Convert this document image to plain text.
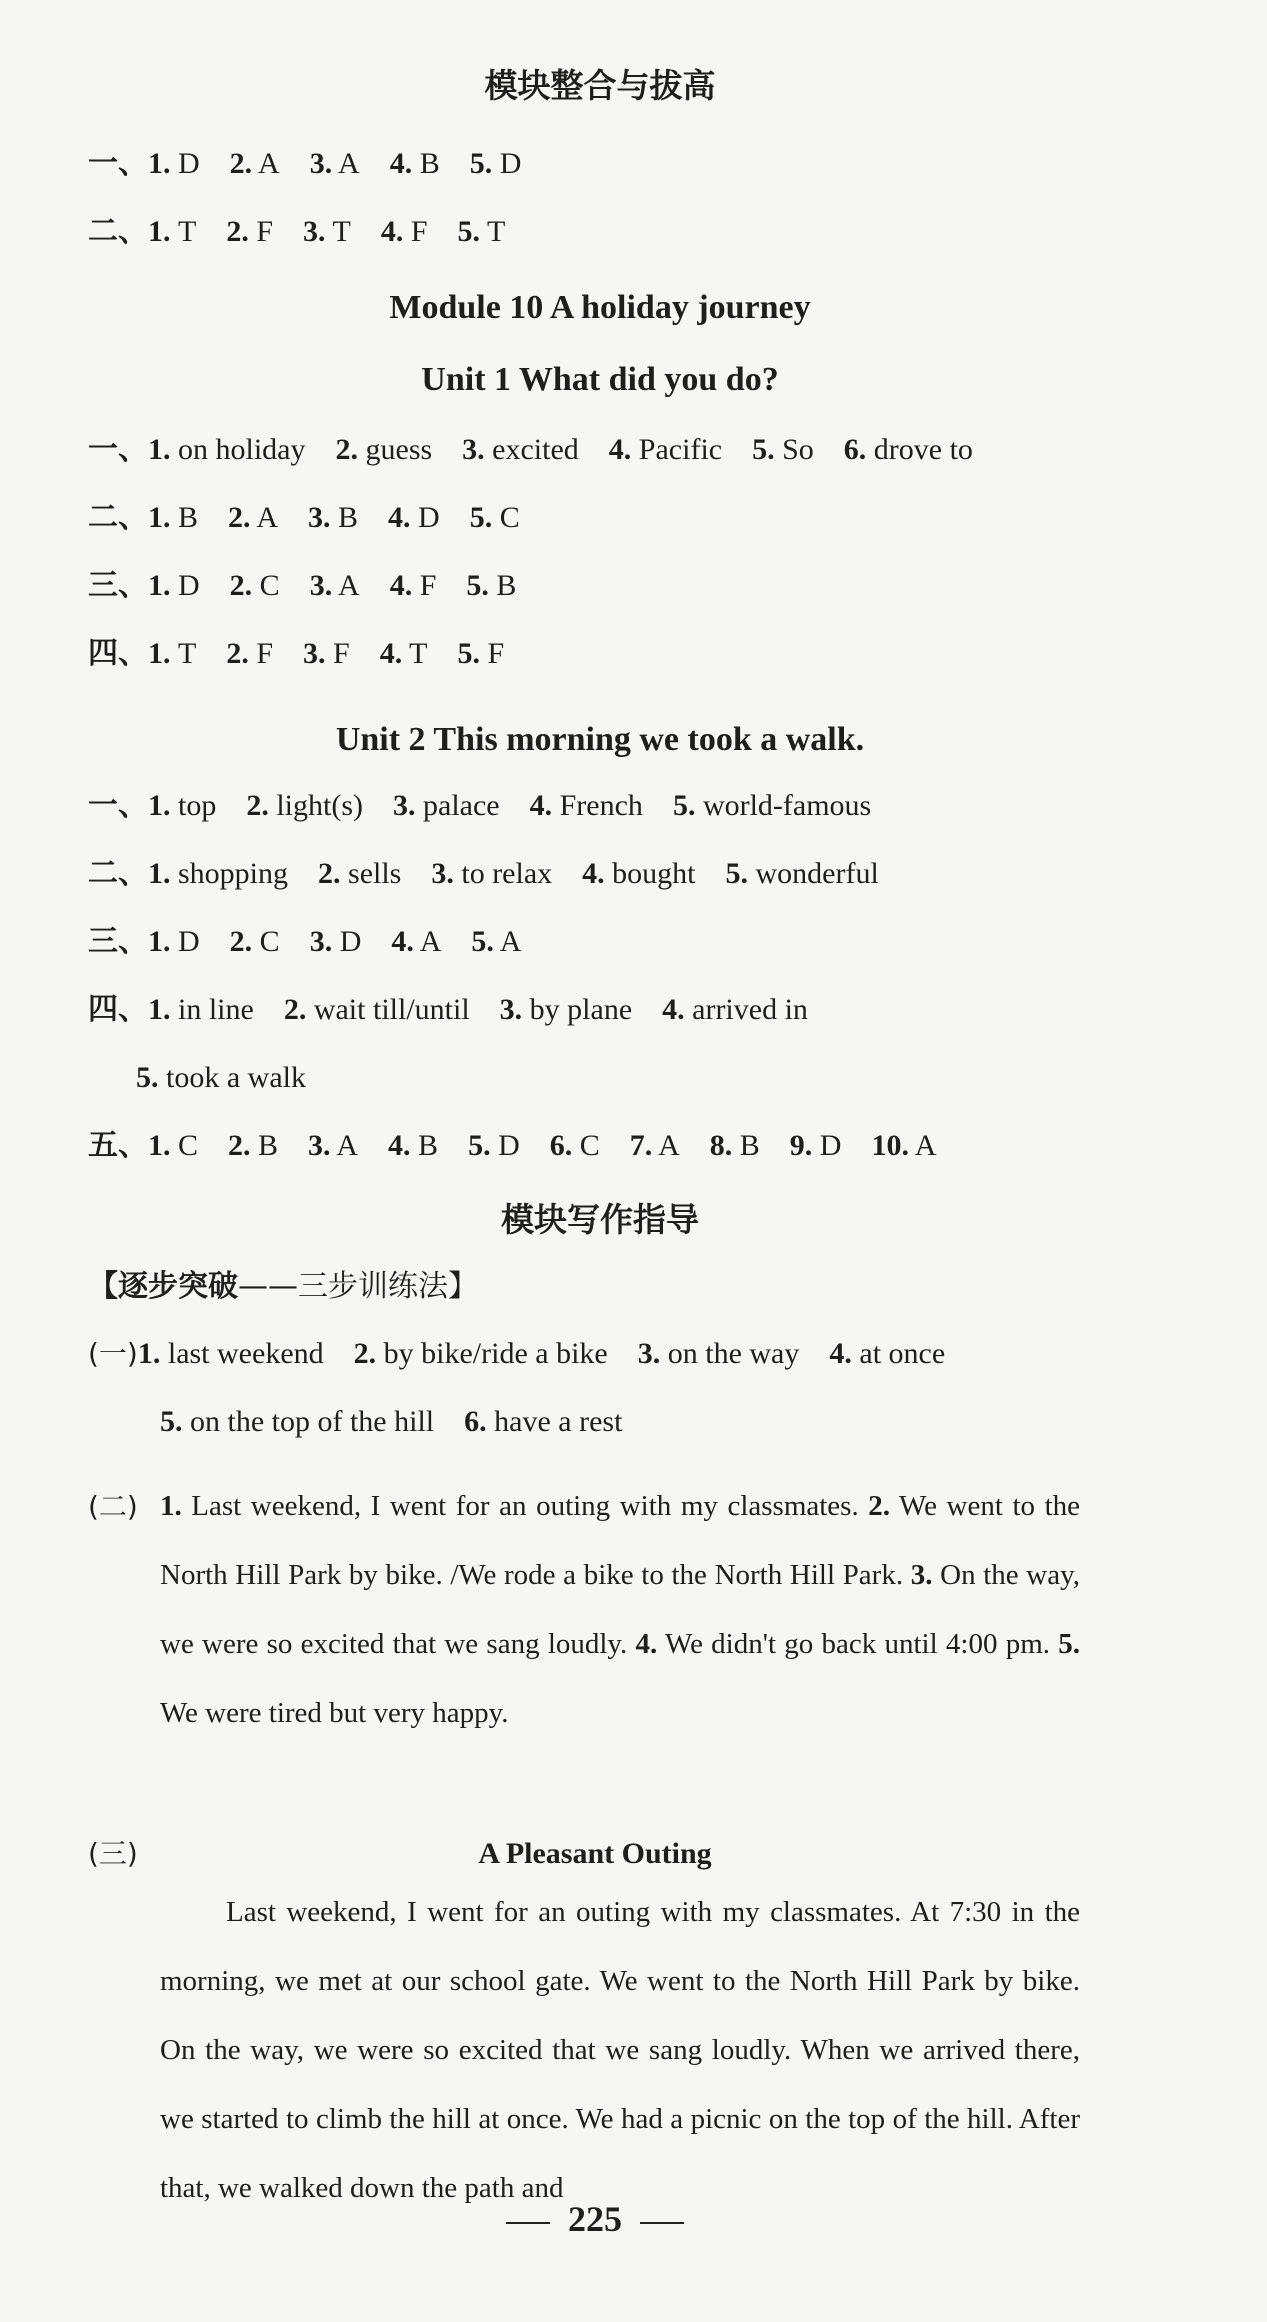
模块整合与拔高
一、1. D 2. A 3. A 4. B 5. D
二、1. T 2. F 3. T 4. F 5. T
Module 10 A holiday journey
Unit 1 What did you do?
一、1. on holiday 2. guess 3. excited 4. Pacific 5. So 6. drove to
二、1. B 2. A 3. B 4. D 5. C
三、1. D 2. C 3. A 4. F 5. B
四、1. T 2. F 3. F 4. T 5. F
Unit 2 This morning we took a walk.
一、1. top 2. light(s) 3. palace 4. French 5. world-famous
二、1. shopping 2. sells 3. to relax 4. bought 5. wonderful
三、1. D 2. C 3. D 4. A 5. A
四、1. in line 2. wait till/until 3. by plane 4. arrived in
5. took a walk
五、1. C 2. B 3. A 4. B 5. D 6. C 7. A 8. B 9. D 10. A
模块写作指导
【逐步突破——三步训练法】
(一)1. last weekend 2. by bike/ride a bike 3. on the way 4. at once
5. on the top of the hill 6. have a rest
(二) 1. Last weekend, I went for an outing with my classmates. 2. We went to the North Hill Park by bike. /We rode a bike to the North Hill Park. 3. On the way, we were so excited that we sang loudly. 4. We didn't go back until 4:00 pm. 5. We were tired but very happy.
(三)	A Pleasant Outing
Last weekend, I went for an outing with my classmates. At 7:30 in the morning, we met at our school gate. We went to the North Hill Park by bike. On the way, we were so excited that we sang loudly. When we arrived there, we started to climb the hill at once. We had a picnic on the top of the hill. After that, we walked down the path and
225
